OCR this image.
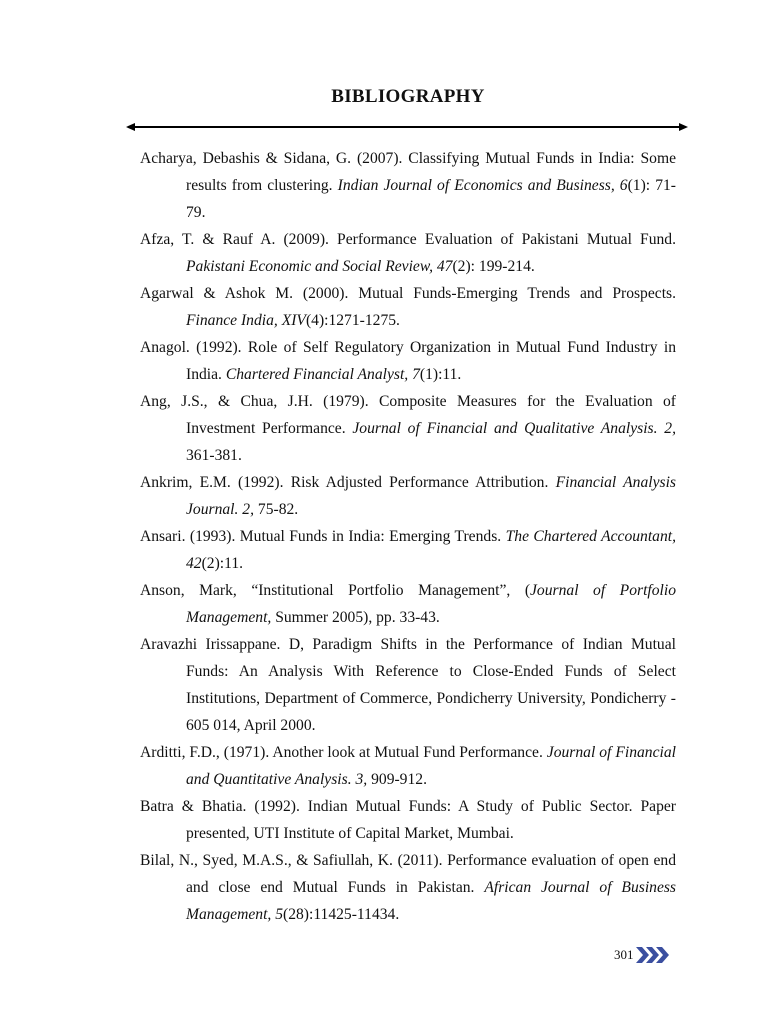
BIBLIOGRAPHY

Acharya, Debashis & Sidana, G. (2007). Classifying Mutual Funds in India: Some results from clustering. Indian Journal of Economics and Business, 6(1): 71-79.

Afza, T. & Rauf A. (2009). Performance Evaluation of Pakistani Mutual Fund. Pakistani Economic and Social Review, 47(2): 199-214.

Agarwal & Ashok M. (2000). Mutual Funds-Emerging Trends and Prospects. Finance India, XIV(4):1271-1275.

Anagol. (1992). Role of Self Regulatory Organization in Mutual Fund Industry in India. Chartered Financial Analyst, 7(1):11.

Ang, J.S., & Chua, J.H. (1979). Composite Measures for the Evaluation of Investment Performance. Journal of Financial and Qualitative Analysis. 2, 361-381.

Ankrim, E.M. (1992). Risk Adjusted Performance Attribution. Financial Analysis Journal. 2, 75-82.

Ansari. (1993). Mutual Funds in India: Emerging Trends. The Chartered Accountant, 42(2):11.

Anson, Mark, “Institutional Portfolio Management”, (Journal of Portfolio Management, Summer 2005), pp. 33-43.

Aravazhi Irissappane. D, Paradigm Shifts in the Performance of Indian Mutual Funds: An Analysis With Reference to Close-Ended Funds of Select Institutions, Department of Commerce, Pondicherry University, Pondicherry - 605 014, April 2000.

Arditti, F.D., (1971). Another look at Mutual Fund Performance. Journal of Financial and Quantitative Analysis. 3, 909-912.

Batra & Bhatia. (1992). Indian Mutual Funds: A Study of Public Sector. Paper presented, UTI Institute of Capital Market, Mumbai.

Bilal, N., Syed, M.A.S., & Safiullah, K. (2011). Performance evaluation of open end and close end Mutual Funds in Pakistan. African Journal of Business Management, 5(28):11425-11434.

301
